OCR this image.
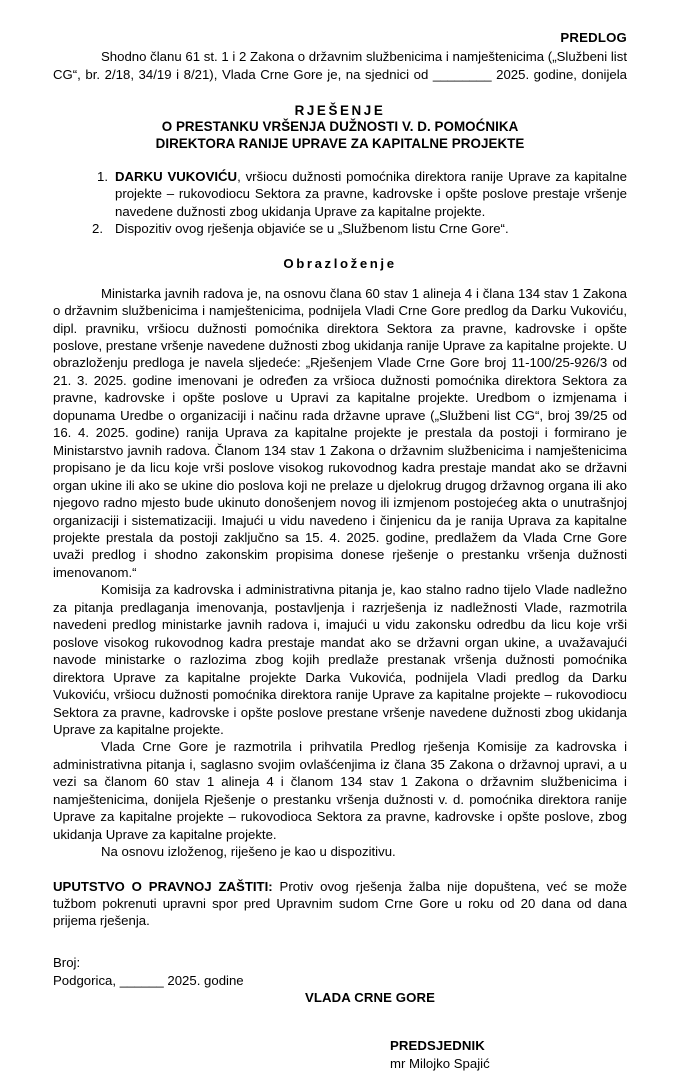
PREDLOG

Shodno članu 61 st. 1 i 2 Zakona o državnim službenicima i namještenicima („Službeni list CG“, br. 2/18, 34/19 i 8/21), Vlada Crne Gore je, na sjednici od ________ 2025. godine, donijela

RJEŠENJE
O PRESTANKU VRŠENJA DUŽNOSTI V. D. POMOĆNIKA
DIREKTORA RANIJE UPRAVE ZA KAPITALNE PROJEKTE
DARKU VUKOVIĆU, vršiocu dužnosti pomoćnika direktora ranije Uprave za kapitalne projekte – rukovodiocu Sektora za pravne, kadrovske i opšte poslove prestaje vršenje navedene dužnosti zbog ukidanja Uprave za kapitalne projekte.
Dispozitiv ovog rješenja objaviće se u „Službenom listu Crne Gore“.
Obrazloženje

Ministarka javnih radova je, na osnovu člana 60 stav 1 alineja 4 i člana 134 stav 1 Zakona o državnim službenicima i namještenicima, podnijela Vladi Crne Gore predlog da Darku Vukoviću, dipl. pravniku, vršiocu dužnosti pomoćnika direktora Sektora za pravne, kadrovske i opšte poslove, prestane vršenje navedene dužnosti zbog ukidanja ranije Uprave za kapitalne projekte. U obrazloženju predloga je navela sljedeće: „Rješenjem Vlade Crne Gore broj 11-100/25-926/3 od 21. 3. 2025. godine imenovani je određen za vršioca dužnosti pomoćnika direktora Sektora za pravne, kadrovske i opšte poslove u Upravi za kapitalne projekte. Uredbom o izmjenama i dopunama Uredbe o organizaciji i načinu rada državne uprave („Službeni list CG“, broj 39/25 od 16. 4. 2025. godine) ranija Uprava za kapitalne projekte je prestala da postoji i formirano je Ministarstvo javnih radova. Članom 134 stav 1 Zakona o državnim službenicima i namještenicima propisano je da licu koje vrši poslove visokog rukovodnog kadra prestaje mandat ako se državni organ ukine ili ako se ukine dio poslova koji ne prelaze u djelokrug drugog državnog organa ili ako njegovo radno mjesto bude ukinuto donošenjem novog ili izmjenom postojećeg akta o unutrašnjoj organizaciji i sistematizaciji. Imajući u vidu navedeno i činjenicu da je ranija Uprava za kapitalne projekte prestala da postoji zaključno sa 15. 4. 2025. godine, predlažem da Vlada Crne Gore uvaži predlog i shodno zakonskim propisima donese rješenje o prestanku vršenja dužnosti imenovanom.“

Komisija za kadrovska i administrativna pitanja je, kao stalno radno tijelo Vlade nadležno za pitanja predlaganja imenovanja, postavljenja i razrješenja iz nadležnosti Vlade, razmotrila navedeni predlog ministarke javnih radova i, imajući u vidu zakonsku odredbu da licu koje vrši poslove visokog rukovodnog kadra prestaje mandat ako se državni organ ukine, a uvažavajući navode ministarke o razlozima zbog kojih predlaže prestanak vršenja dužnosti pomoćnika direktora Uprave za kapitalne projekte Darka Vukovića, podnijela Vladi predlog da Darku Vukoviću, vršiocu dužnosti pomoćnika direktora ranije Uprave za kapitalne projekte – rukovodiocu Sektora za pravne, kadrovske i opšte poslove prestane vršenje navedene dužnosti zbog ukidanja Uprave za kapitalne projekte.

Vlada Crne Gore je razmotrila i prihvatila Predlog rješenja Komisije za kadrovska i administrativna pitanja i, saglasno svojim ovlašćenjima iz člana 35 Zakona o državnoj upravi, a u vezi sa članom 60 stav 1 alineja 4 i članom 134 stav 1 Zakona o državnim službenicima i namještenicima, donijela Rješenje o prestanku vršenja dužnosti v. d. pomoćnika direktora ranije Uprave za kapitalne projekte – rukovodioca Sektora za pravne, kadrovske i opšte poslove, zbog ukidanja Uprave za kapitalne projekte.

Na osnovu izloženog, riješeno je kao u dispozitivu.

UPUTSTVO O PRAVNOJ ZAŠTITI: Protiv ovog rješenja žalba nije dopuštena, već se može tužbom pokrenuti upravni spor pred Upravnim sudom Crne Gore u roku od 20 dana od dana prijema rješenja.

Broj:
Podgorica, ______ 2025. godine
VLADA CRNE GORE
PREDSJEDNIK
mr Milojko Spajić
